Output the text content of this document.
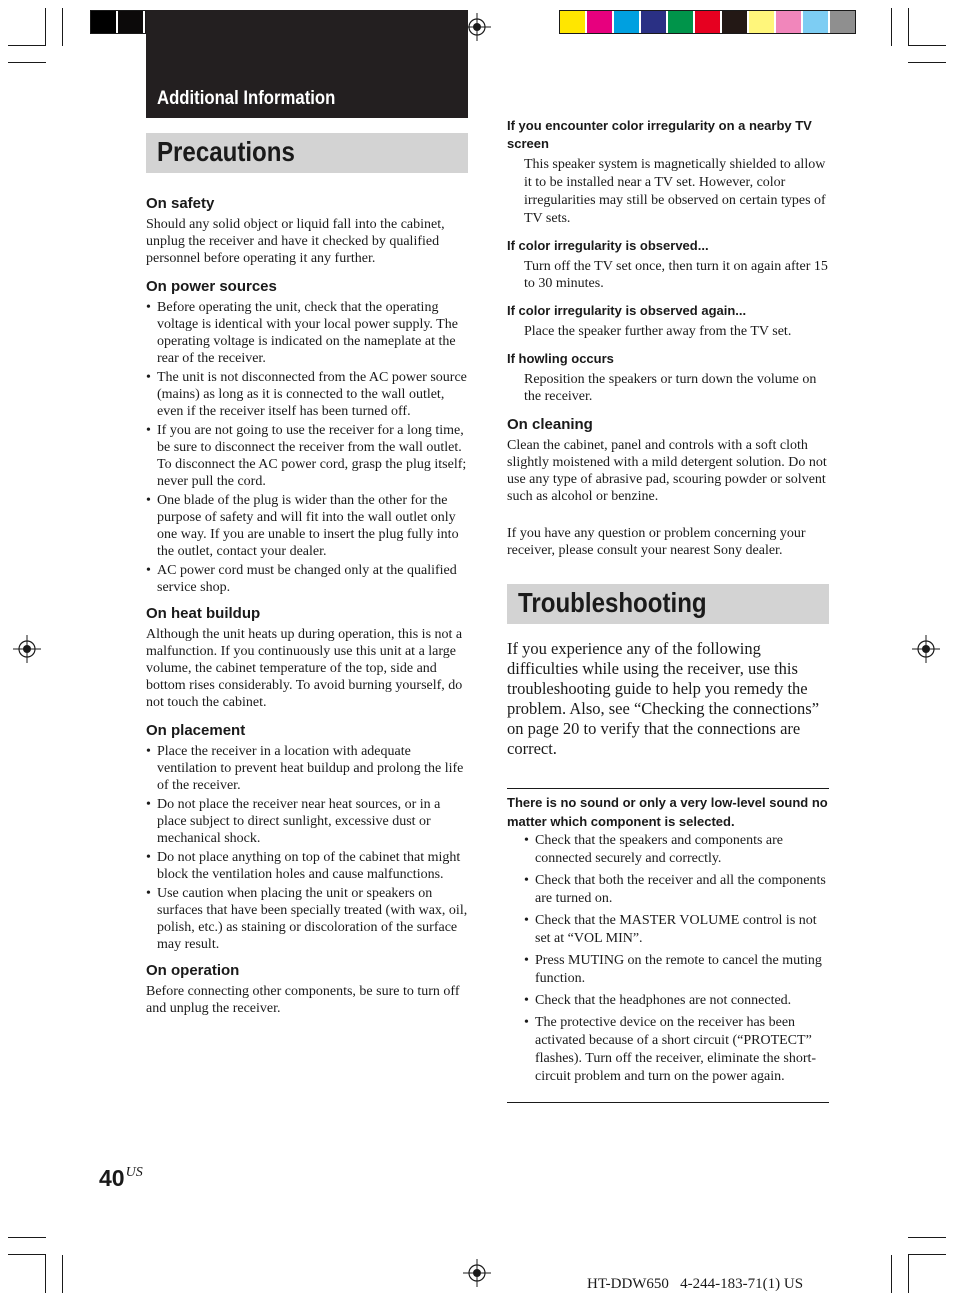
Additional Information
Precautions
On safety

Should any solid object or liquid fall into the cabinet, unplug the receiver and have it checked by qualified personnel before operating it any further.

On power sources
• Before operating the unit, check that the operating voltage is identical with your local power supply. The operating voltage is indicated on the nameplate at the rear of the receiver.
• The unit is not disconnected from the AC power source (mains) as long as it is connected to the wall outlet, even if the receiver itself has been turned off.
• If you are not going to use the receiver for a long time, be sure to disconnect the receiver from the wall outlet. To disconnect the AC power cord, grasp the plug itself; never pull the cord.
• One blade of the plug is wider than the other for the purpose of safety and will fit into the wall outlet only one way. If you are unable to insert the plug fully into the outlet, contact your dealer.
• AC power cord must be changed only at the qualified service shop.
On heat buildup

Although the unit heats up during operation, this is not a malfunction. If you continuously use this unit at a large volume, the cabinet temperature of the top, side and bottom rises considerably. To avoid burning yourself, do not touch the cabinet.

On placement
• Place the receiver in a location with adequate ventilation to prevent heat buildup and prolong the life of the receiver.
• Do not place the receiver near heat sources, or in a place subject to direct sunlight, excessive dust or mechanical shock.
• Do not place anything on top of the cabinet that might block the ventilation holes and cause malfunctions.
• Use caution when placing the unit or speakers on surfaces that have been specially treated (with wax, oil, polish, etc.) as staining or discoloration of the surface may result.
On operation

Before connecting other components, be sure to turn off and unplug the receiver.

If you encounter color irregularity on a nearby TV screen

This speaker system is magnetically shielded to allow it to be installed near a TV set. However, color irregularities may still be observed on certain types of TV sets.

If color irregularity is observed...

Turn off the TV set once, then turn it on again after 15 to 30 minutes.

If color irregularity is observed again...

Place the speaker further away from the TV set.

If howling occurs

Reposition the speakers or turn down the volume on the receiver.

On cleaning

Clean the cabinet, panel and controls with a soft cloth slightly moistened with a mild detergent solution. Do not use any type of abrasive pad, scouring powder or solvent such as alcohol or benzine.

If you have any question or problem concerning your receiver, please consult your nearest Sony dealer.

Troubleshooting

If you experience any of the following difficulties while using the receiver, use this troubleshooting guide to help you remedy the problem. Also, see “Checking the connections” on page 20 to verify that the connections are correct.

There is no sound or only a very low-level sound no matter which component is selected.

• Check that the speakers and components are connected securely and correctly.
• Check that both the receiver and all the components are turned on.
• Check that the MASTER VOLUME control is not set at “VOL MIN”.
• Press MUTING on the remote to cancel the muting function.
• Check that the headphones are not connected.
• The protective device on the receiver has been activated because of a short circuit (“PROTECT” flashes). Turn off the receiver, eliminate the short-circuit problem and turn on the power again.
$40^{US}$
HT-DDW650   4-244-183-71(1) US
